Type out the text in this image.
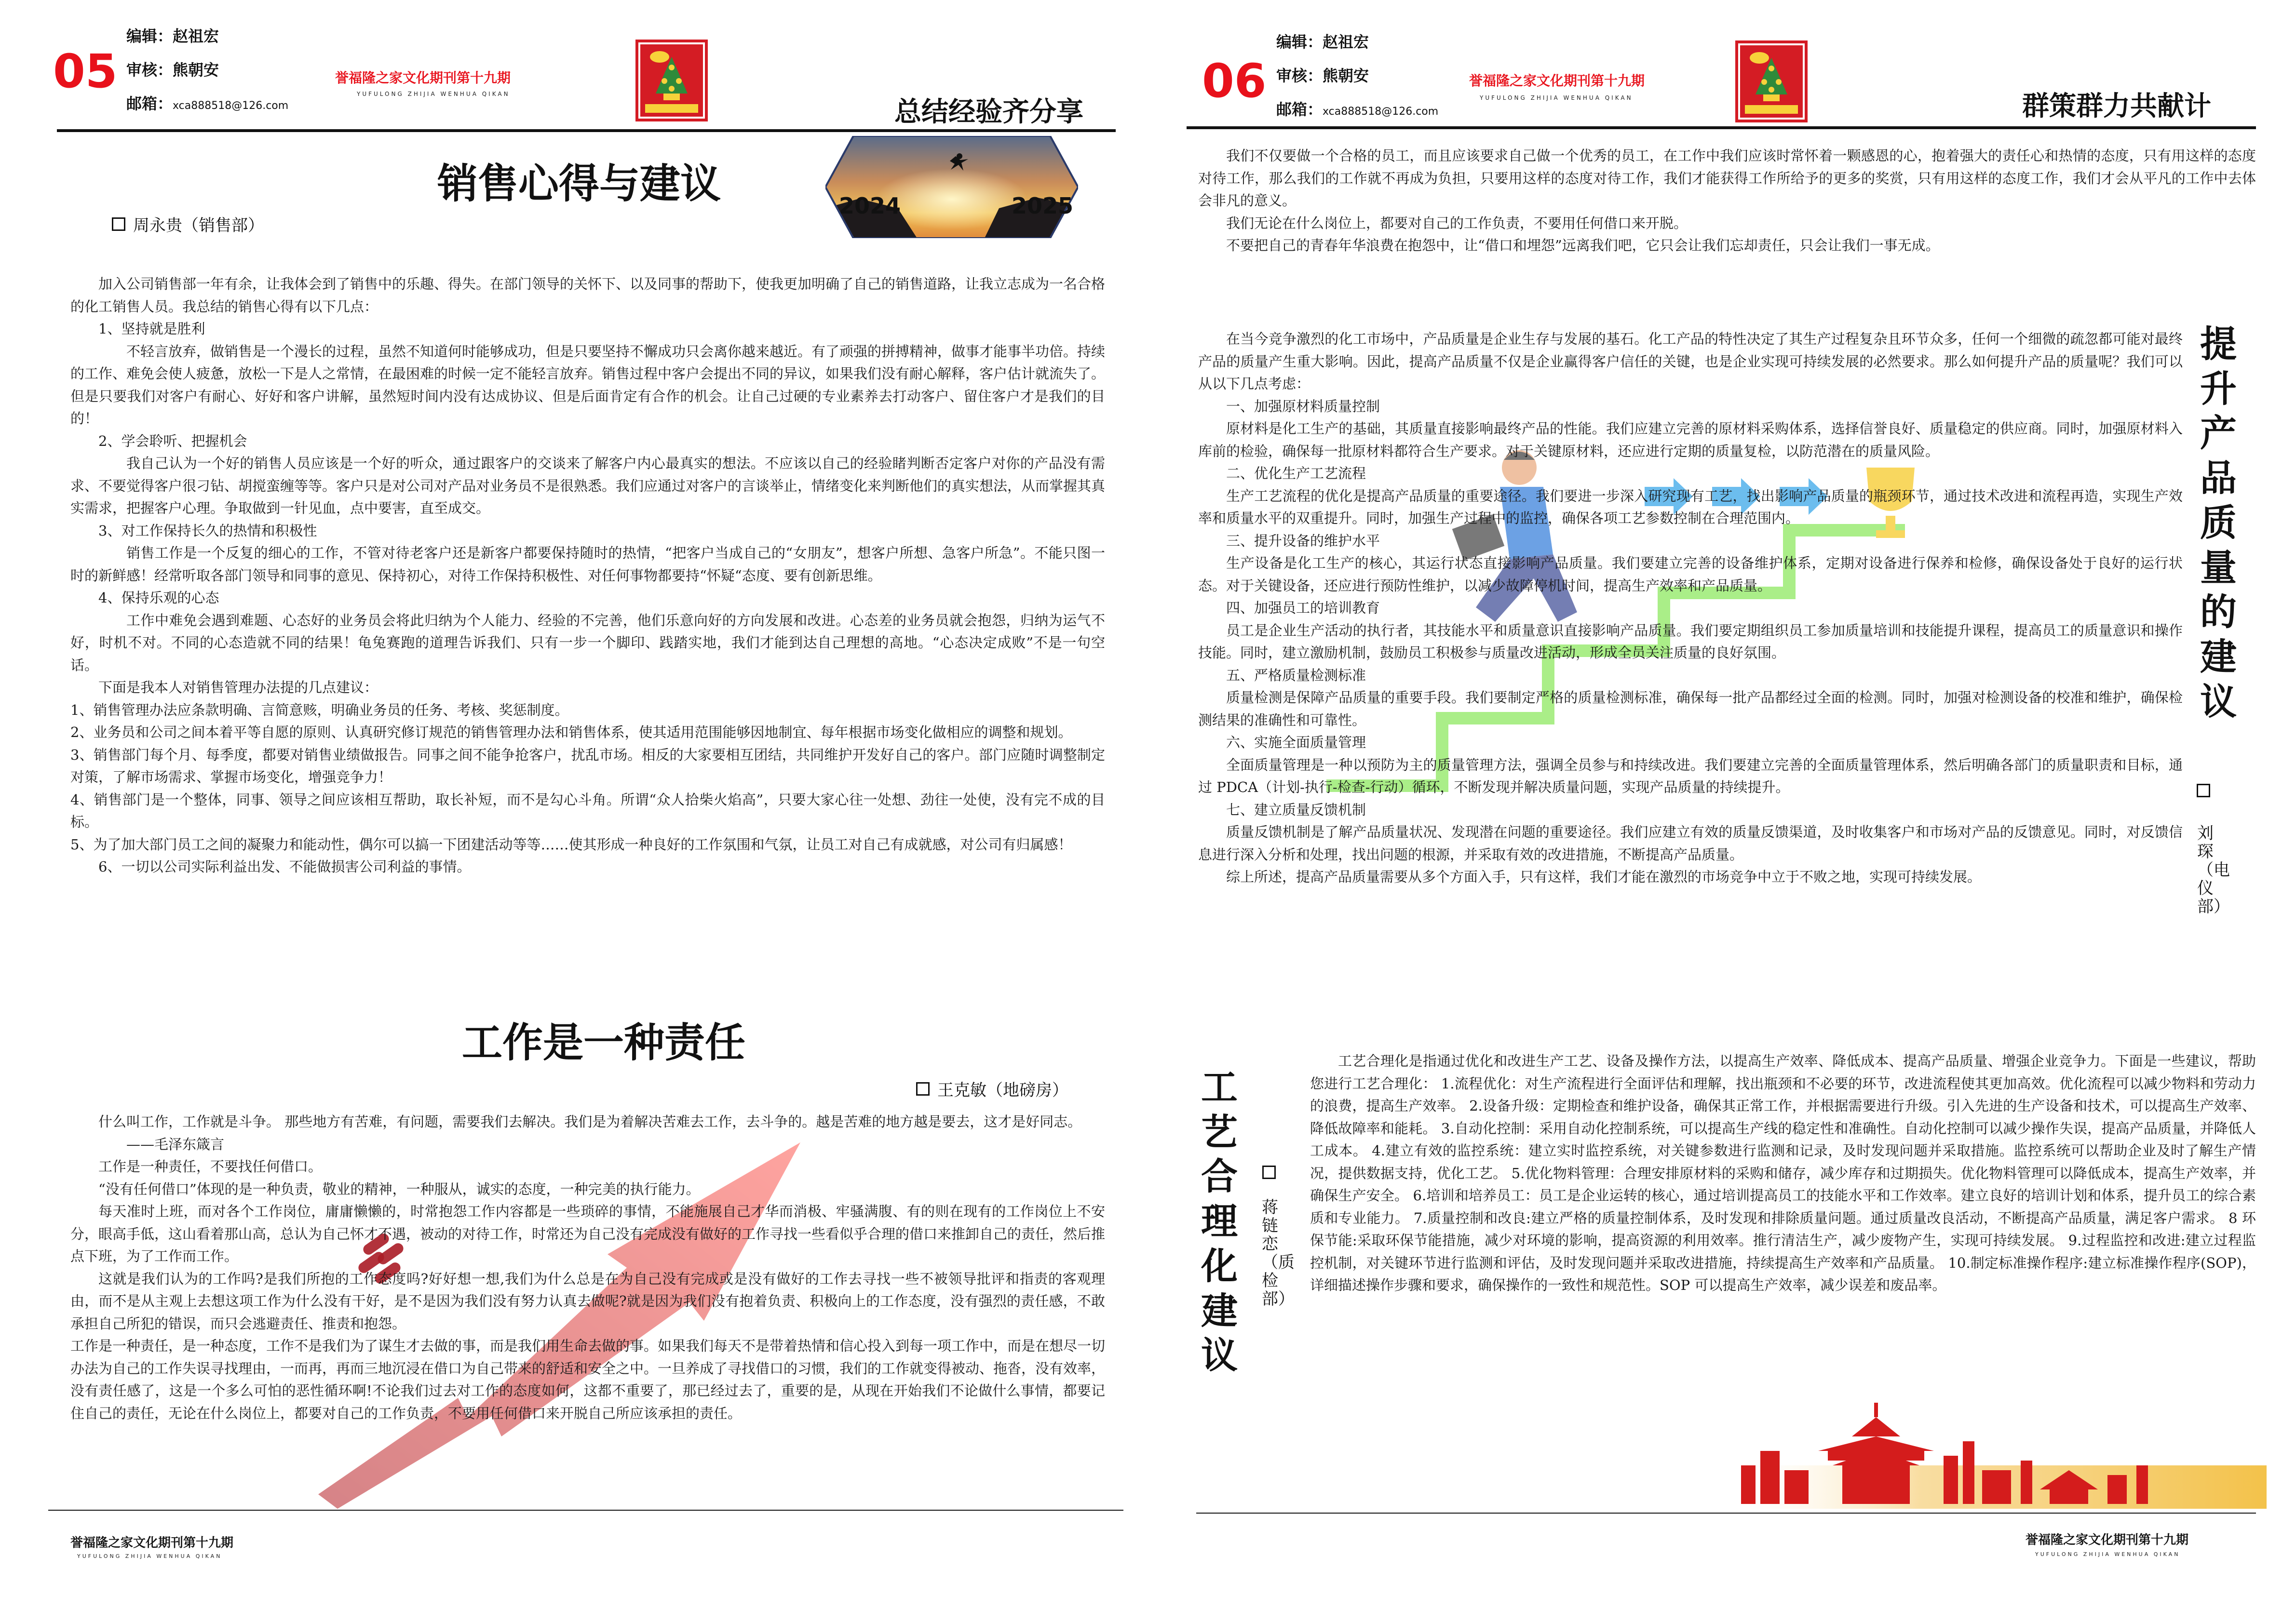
05
编辑：赵祖宏
审核：熊朝安
邮箱：xca888518@126.com
誉福隆之家文化期刊第十九期
YUFULONG ZHIJIA WENHUA QIKAN
总结经验齐分享
销售心得与建议
周永贵（销售部）
2024	2025

加入公司销售部一年有余，让我体会到了销售中的乐趣、得失。在部门领导的关怀下、以及同事的帮助下，使我更加明确了自己的销售道路，让我立志成为一名合格的化工销售人员。我总结的销售心得有以下几点：

1、坚持就是胜利

不轻言放弃，做销售是一个漫长的过程，虽然不知道何时能够成功，但是只要坚持不懈成功只会离你越来越近。有了顽强的拼搏精神，做事才能事半功倍。持续的工作、难免会使人疲惫，放松一下是人之常情，在最困难的时候一定不能轻言放弃。销售过程中客户会提出不同的异议，如果我们没有耐心解释，客户估计就流失了。但是只要我们对客户有耐心、好好和客户讲解，虽然短时间内没有达成协议、但是后面肯定有合作的机会。让自己过硬的专业素养去打动客户、留住客户才是我们的目的！

2、学会聆听、把握机会

我自己认为一个好的销售人员应该是一个好的听众，通过跟客户的交谈来了解客户内心最真实的想法。不应该以自己的经验睹判断否定客户对你的产品没有需求、不要觉得客户很刁钻、胡搅蛮缠等等。客户只是对公司对产品对业务员不是很熟悉。我们应通过对客户的言谈举止，情绪变化来判断他们的真实想法，从而掌握其真实需求，把握客户心理。争取做到一针见血，点中要害，直至成交。

3、对工作保持长久的热情和积极性

销售工作是一个反复的细心的工作，不管对待老客户还是新客户都要保持随时的热情，“把客户当成自己的“女朋友”，想客户所想、急客户所急”。不能只图一时的新鲜感！经常听取各部门领导和同事的意见、保持初心，对待工作保持积极性、对任何事物都要持“怀疑“态度、要有创新思维。

4、保持乐观的心态

工作中难免会遇到难题、心态好的业务员会将此归纳为个人能力、经验的不完善，他们乐意向好的方向发展和改进。心态差的业务员就会抱怨，归纳为运气不好，时机不对。不同的心态造就不同的结果！龟兔赛跑的道理告诉我们、只有一步一个脚印、践踏实地，我们才能到达自己理想的高地。“心态决定成败”不是一句空话。

下面是我本人对销售管理办法提的几点建议：

1、销售管理办法应条款明确、言简意赅，明确业务员的任务、考核、奖惩制度。

2、业务员和公司之间本着平等自愿的原则、认真研究修订规范的销售管理办法和销售体系，使其适用范围能够因地制宜、每年根据市场变化做相应的调整和规划。

3、销售部门每个月、每季度，都要对销售业绩做报告。同事之间不能争抢客户，扰乱市场。相反的大家要相互团结，共同维护开发好自己的客户。部门应随时调整制定对策，了解市场需求、掌握市场变化，增强竞争力！

4、销售部门是一个整体，同事、领导之间应该相互帮助，取长补短，而不是勾心斗角。所谓“众人拾柴火焰高”，只要大家心往一处想、劲往一处使，没有完不成的目标。

5、为了加大部门员工之间的凝聚力和能动性，偶尔可以搞一下团建活动等等……使其形成一种良好的工作氛围和气氛，让员工对自己有成就感，对公司有归属感！

6、一切以公司实际利益出发、不能做损害公司利益的事情。

工作是一种责任
王克敏（地磅房）

什么叫工作，工作就是斗争。 那些地方有苦难，有问题，需要我们去解决。我们是为着解决苦难去工作，去斗争的。越是苦难的地方越是要去，这才是好同志。

——毛泽东箴言

工作是一种责任，不要找任何借口。

“没有任何借口”体现的是一种负责，敬业的精神，一种服从，诚实的态度，一种完美的执行能力。

每天准时上班，而对各个工作岗位，庸庸懒懒的，时常抱怨工作内容都是一些琐碎的事情，不能施展自己才华而消极、牢骚满腹、有的则在现有的工作岗位上不安分，眼高手低，这山看着那山高，总认为自己怀才不遇，被动的对待工作，时常还为自己没有完成没有做好的工作寻找一些看似乎合理的借口来推卸自己的责任，然后推点下班，为了工作而工作。

这就是我们认为的工作吗?是我们所抱的工作态度吗?好好想一想,我们为什么总是在为自己没有完成或是没有做好的工作去寻找一些不被领导批评和指责的客观理由，而不是从主观上去想这项工作为什么没有干好，是不是因为我们没有努力认真去做呢?就是因为我们没有抱着负责、积极向上的工作态度，没有强烈的责任感，不敢承担自己所犯的错误，而只会逃避责任、推责和抱怨。

工作是一种责任，是一种态度，工作不是我们为了谋生才去做的事，而是我们用生命去做的事。如果我们每天不是带着热情和信心投入到每一项工作中，而是在想尽一切办法为自己的工作失误寻找理由，一而再，再而三地沉浸在借口为自己带来的舒适和安全之中。一旦养成了寻找借口的习惯，我们的工作就变得被动、拖沓，没有效率，没有责任感了，这是一个多么可怕的恶性循环啊!不论我们过去对工作的态度如何，这都不重要了，那已经过去了，重要的是，从现在开始我们不论做什么事情，都要记住自己的责任，无论在什么岗位上，都要对自己的工作负责，不要用任何借口来开脱自己所应该承担的责任。

誉福隆之家文化期刊第十九期
YUFULONG ZHIJIA WENHUA QIKAN
06
编辑：赵祖宏
审核：熊朝安
邮箱：xca888518@126.com
誉福隆之家文化期刊第十九期
YUFULONG ZHIJIA WENHUA QIKAN	群策群力共献计

我们不仅要做一个合格的员工，而且应该要求自己做一个优秀的员工，在工作中我们应该时常怀着一颗感恩的心，抱着强大的责任心和热情的态度，只有用这样的态度对待工作，那么我们的工作就不再成为负担，只要用这样的态度对待工作，我们才能获得工作所给予的更多的奖赏，只有用这样的态度工作，我们才会从平凡的工作中去体会非凡的意义。

我们无论在什么岗位上，都要对自己的工作负责，不要用任何借口来开脱。

不要把自己的青春年华浪费在抱怨中，让“借口和埋怨”远离我们吧，它只会让我们忘却责任，只会让我们一事无成。

提升产品质量的建议
刘琛
（电仪部）

在当今竞争激烈的化工市场中，产品质量是企业生存与发展的基石。化工产品的特性决定了其生产过程复杂且环节众多，任何一个细微的疏忽都可能对最终产品的质量产生重大影响。因此，提高产品质量不仅是企业赢得客户信任的关键，也是企业实现可持续发展的必然要求。那么如何提升产品的质量呢？我们可以从以下几点考虑：

一、加强原材料质量控制

原材料是化工生产的基础，其质量直接影响最终产品的性能。我们应建立完善的原材料采购体系，选择信誉良好、质量稳定的供应商。同时，加强原材料入库前的检验，确保每一批原材料都符合生产要求。对于关键原材料，还应进行定期的质量复检，以防范潜在的质量风险。

二、优化生产工艺流程

生产工艺流程的优化是提高产品质量的重要途径。我们要进一步深入研究现有工艺，找出影响产品质量的瓶颈环节，通过技术改进和流程再造，实现生产效率和质量水平的双重提升。同时，加强生产过程中的监控，确保各项工艺参数控制在合理范围内。

三、提升设备的维护水平

生产设备是化工生产的核心，其运行状态直接影响产品质量。我们要建立完善的设备维护体系，定期对设备进行保养和检修，确保设备处于良好的运行状态。对于关键设备，还应进行预防性维护，以减少故障停机时间，提高生产效率和产品质量。

四、加强员工的培训教育

员工是企业生产活动的执行者，其技能水平和质量意识直接影响产品质量。我们要定期组织员工参加质量培训和技能提升课程，提高员工的质量意识和操作技能。同时，建立激励机制，鼓励员工积极参与质量改进活动，形成全员关注质量的良好氛围。

五、严格质量检测标准

质量检测是保障产品质量的重要手段。我们要制定严格的质量检测标准，确保每一批产品都经过全面的检测。同时，加强对检测设备的校准和维护，确保检测结果的准确性和可靠性。

六、实施全面质量管理

全面质量管理是一种以预防为主的质量管理方法，强调全员参与和持续改进。我们要建立完善的全面质量管理体系，然后明确各部门的质量职责和目标，通过 PDCA（计划-执行-检查-行动）循环，不断发现并解决质量问题，实现产品质量的持续提升。

七、建立质量反馈机制

质量反馈机制是了解产品质量状况、发现潜在问题的重要途径。我们应建立有效的质量反馈渠道，及时收集客户和市场对产品的反馈意见。同时，对反馈信息进行深入分析和处理，找出问题的根源，并采取有效的改进措施，不断提高产品质量。

综上所述，提高产品质量需要从多个方面入手，只有这样，我们才能在激烈的市场竞争中立于不败之地，实现可持续发展。

工艺合理化建议
蒋链恋
（质检部）

工艺合理化是指通过优化和改进生产工艺、设备及操作方法，以提高生产效率、降低成本、提高产品质量、增强企业竞争力。下面是一些建议，帮助您进行工艺合理化： 1.流程优化：对生产流程进行全面评估和理解，找出瓶颈和不必要的环节，改进流程使其更加高效。优化流程可以减少物料和劳动力的浪费，提高生产效率。 2.设备升级：定期检查和维护设备，确保其正常工作，并根据需要进行升级。引入先进的生产设备和技术，可以提高生产效率、降低故障率和能耗。 3.自动化控制：采用自动化控制系统，可以提高生产线的稳定性和准确性。自动化控制可以减少操作失误，提高产品质量，并降低人工成本。 4.建立有效的监控系统：建立实时监控系统，对关键参数进行监测和记录，及时发现问题并采取措施。监控系统可以帮助企业及时了解生产情况，提供数据支持，优化工艺。 5.优化物料管理：合理安排原材料的采购和储存，减少库存和过期损失。优化物料管理可以降低成本，提高生产效率，并确保生产安全。 6.培训和培养员工：员工是企业运转的核心，通过培训提高员工的技能水平和工作效率。建立良好的培训计划和体系，提升员工的综合素质和专业能力。 7.质量控制和改良:建立严格的质量控制体系，及时发现和排除质量问题。通过质量改良活动，不断提高产品质量，满足客户需求。 8 环保节能:采取环保节能措施，减少对环境的影响，提高资源的利用效率。推行清洁生产，减少废物产生，实现可持续发展。 9.过程监控和改进:建立过程监控机制，对关键环节进行监测和评估，及时发现问题并采取改进措施，持续提高生产效率和产品质量。 10.制定标准操作程序:建立标准操作程序(SOP)，详细描述操作步骤和要求，确保操作的一致性和规范性。SOP 可以提高生产效率，减少误差和废品率。

誉福隆之家文化期刊第十九期
YUFULONG ZHIJIA WENHUA QIKAN
